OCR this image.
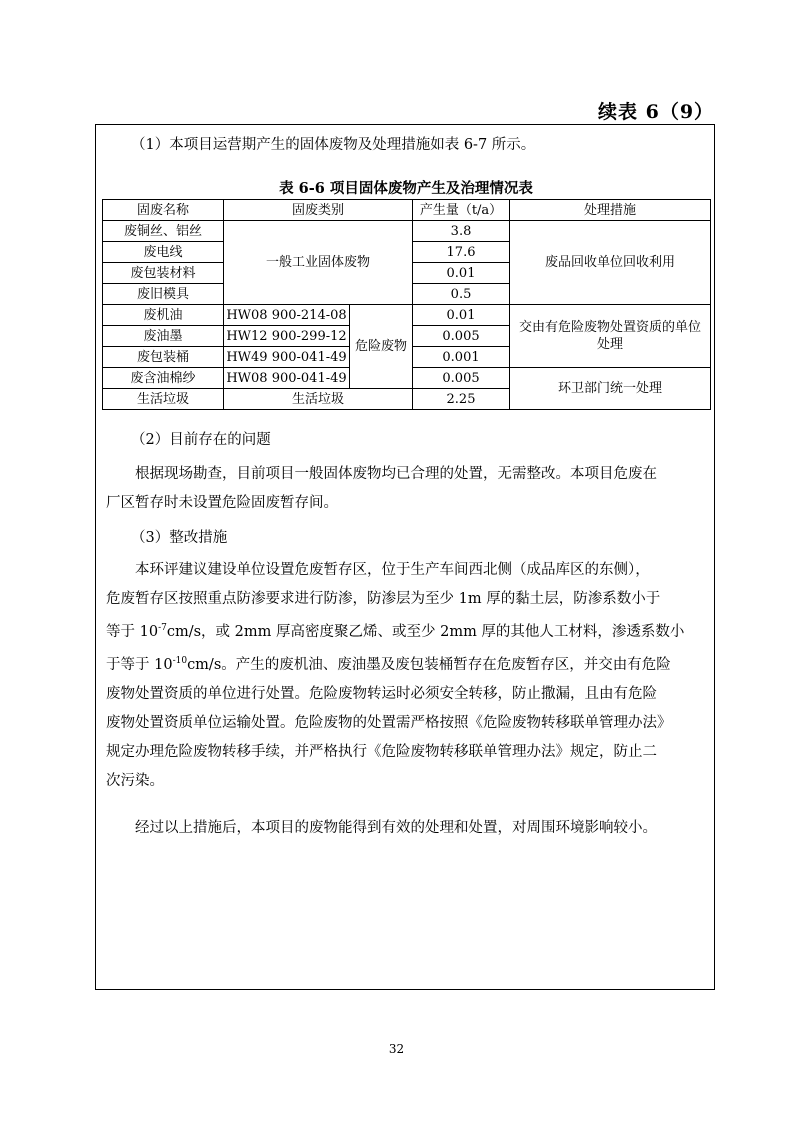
续表 6（9）
（1）本项目运营期产生的固体废物及处理措施如表 6-7 所示。
表 6-6 项目固体废物产生及治理情况表
固废名称	固废类别		产生量（t/a）	处理措施
废铜丝、铝丝	一般工业固体废物		3.8	废品回收单位回收利用
废电线			17.6	
废包装材料			0.01	
废旧模具			0.5	
废机油	HW08 900-214-08	危险废物	0.01	交由有危险废物处置资质的单位处理
废油墨	HW12 900-299-12		0.005	
废包装桶	HW49 900-041-49		0.001	
废含油棉纱	HW08 900-041-49		0.005	环卫部门统一处理
生活垃圾	生活垃圾		2.25	
（2）目前存在的问题
根据现场勘查，目前项目一般固体废物均已合理的处置，无需整改。本项目危废在
厂区暂存时未设置危险固废暂存间。
（3）整改措施
本环评建议建设单位设置危废暂存区，位于生产车间西北侧（成品库区的东侧），
危废暂存区按照重点防渗要求进行防渗，防渗层为至少 1m 厚的黏土层，防渗系数小于
等于 $10^{-7}cm/s$，或 2mm 厚高密度聚乙烯、或至少 2mm 厚的其他人工材料，渗透系数小
于等于 $10^{-10}cm/s$。产生的废机油、废油墨及废包装桶暂存在危废暂存区，并交由有危险
废物处置资质的单位进行处置。危险废物转运时必须安全转移，防止撒漏，且由有危险
废物处置资质单位运输处置。危险废物的处置需严格按照《危险废物转移联单管理办法》
规定办理危险废物转移手续，并严格执行《危险废物转移联单管理办法》规定，防止二
次污染。
经过以上措施后，本项目的废物能得到有效的处理和处置，对周围环境影响较小。
32
